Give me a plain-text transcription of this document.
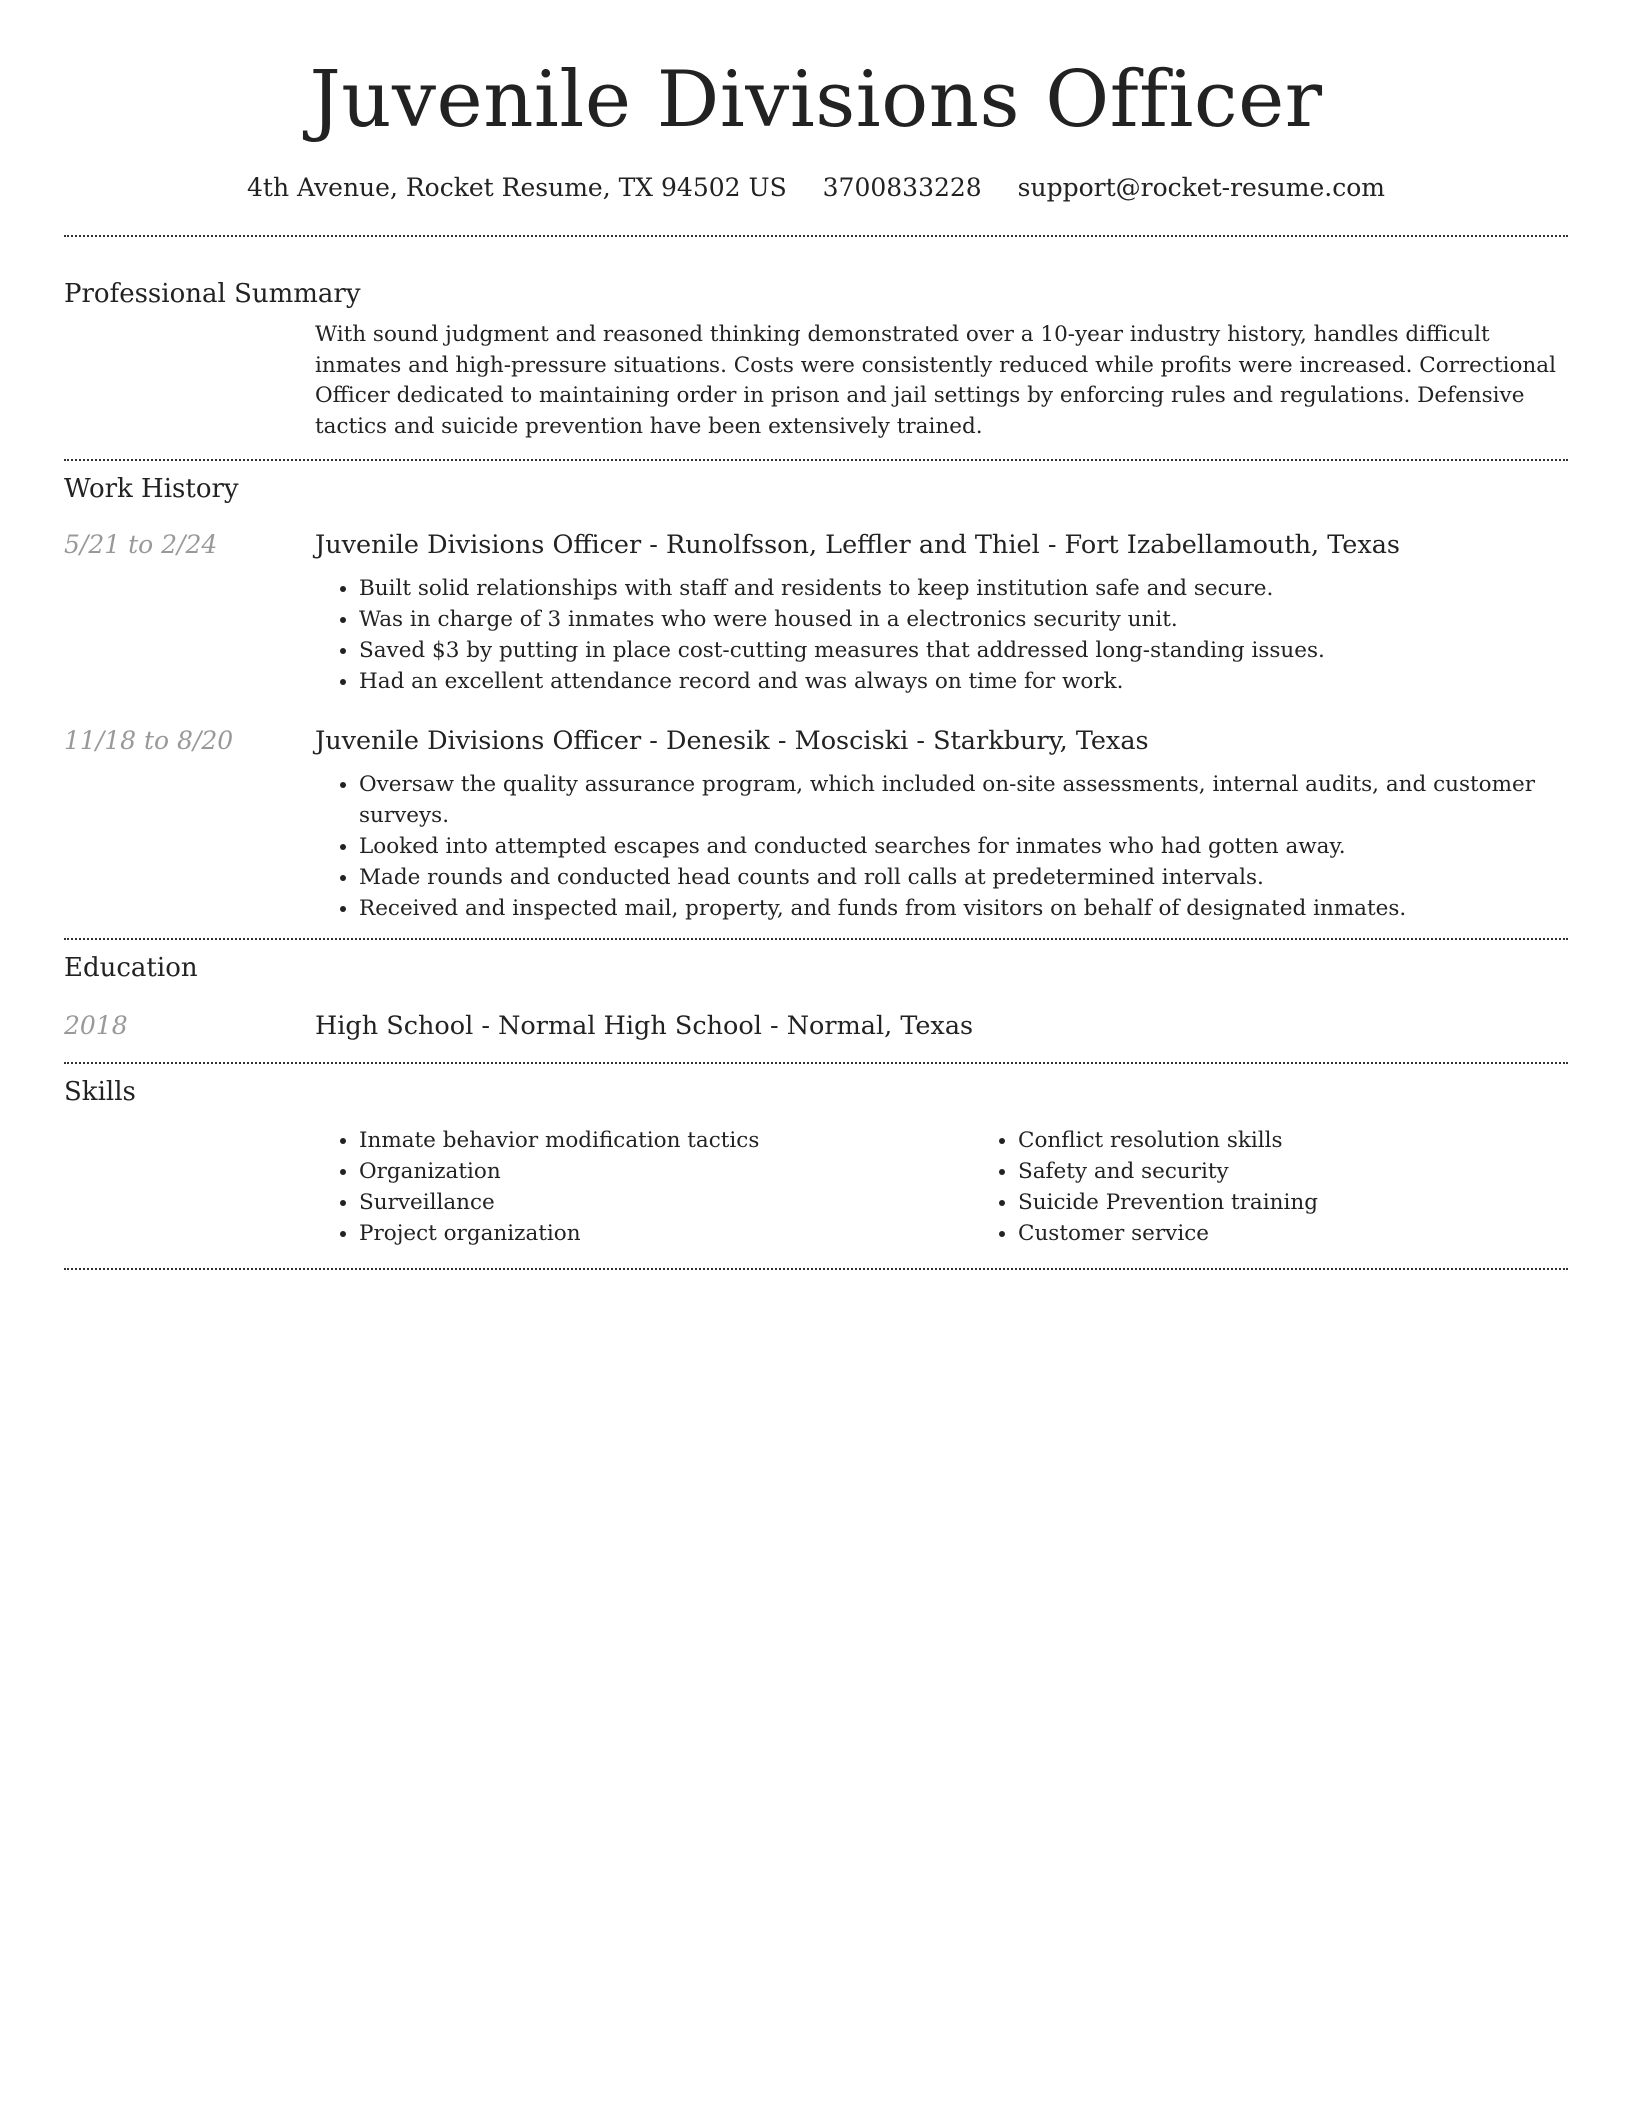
Juvenile Divisions Officer
4th Avenue, Rocket Resume, TX 94502 US 3700833228 support@rocket-resume.com
Professional Summary

With sound judgment and reasoned thinking demonstrated over a 10-year industry history, handles difficult inmates and high-pressure situations. Costs were consistently reduced while profits were increased. Correctional Officer dedicated to maintaining order in prison and jail settings by enforcing rules and regulations. Defensive tactics and suicide prevention have been extensively trained.

Work History
5/21 to 2/24	Juvenile Divisions Officer - Runolfsson, Leffler and Thiel - Fort Izabellamouth, Texas
• Built solid relationships with staff and residents to keep institution safe and secure.
• Was in charge of 3 inmates who were housed in a electronics security unit.
• Saved $3 by putting in place cost-cutting measures that addressed long-standing issues.
• Had an excellent attendance record and was always on time for work.
11/18 to 8/20	Juvenile Divisions Officer - Denesik - Mosciski - Starkbury, Texas
• Oversaw the quality assurance program, which included on-site assessments, internal audits, and customer surveys.
• Looked into attempted escapes and conducted searches for inmates who had gotten away.
• Made rounds and conducted head counts and roll calls at predetermined intervals.
• Received and inspected mail, property, and funds from visitors on behalf of designated inmates.
Education
2018	High School - Normal High School - Normal, Texas
Skills
• Inmate behavior modification tactics
• Organization
• Surveillance
• Project organization
• Conflict resolution skills
• Safety and security
• Suicide Prevention training
• Customer service
